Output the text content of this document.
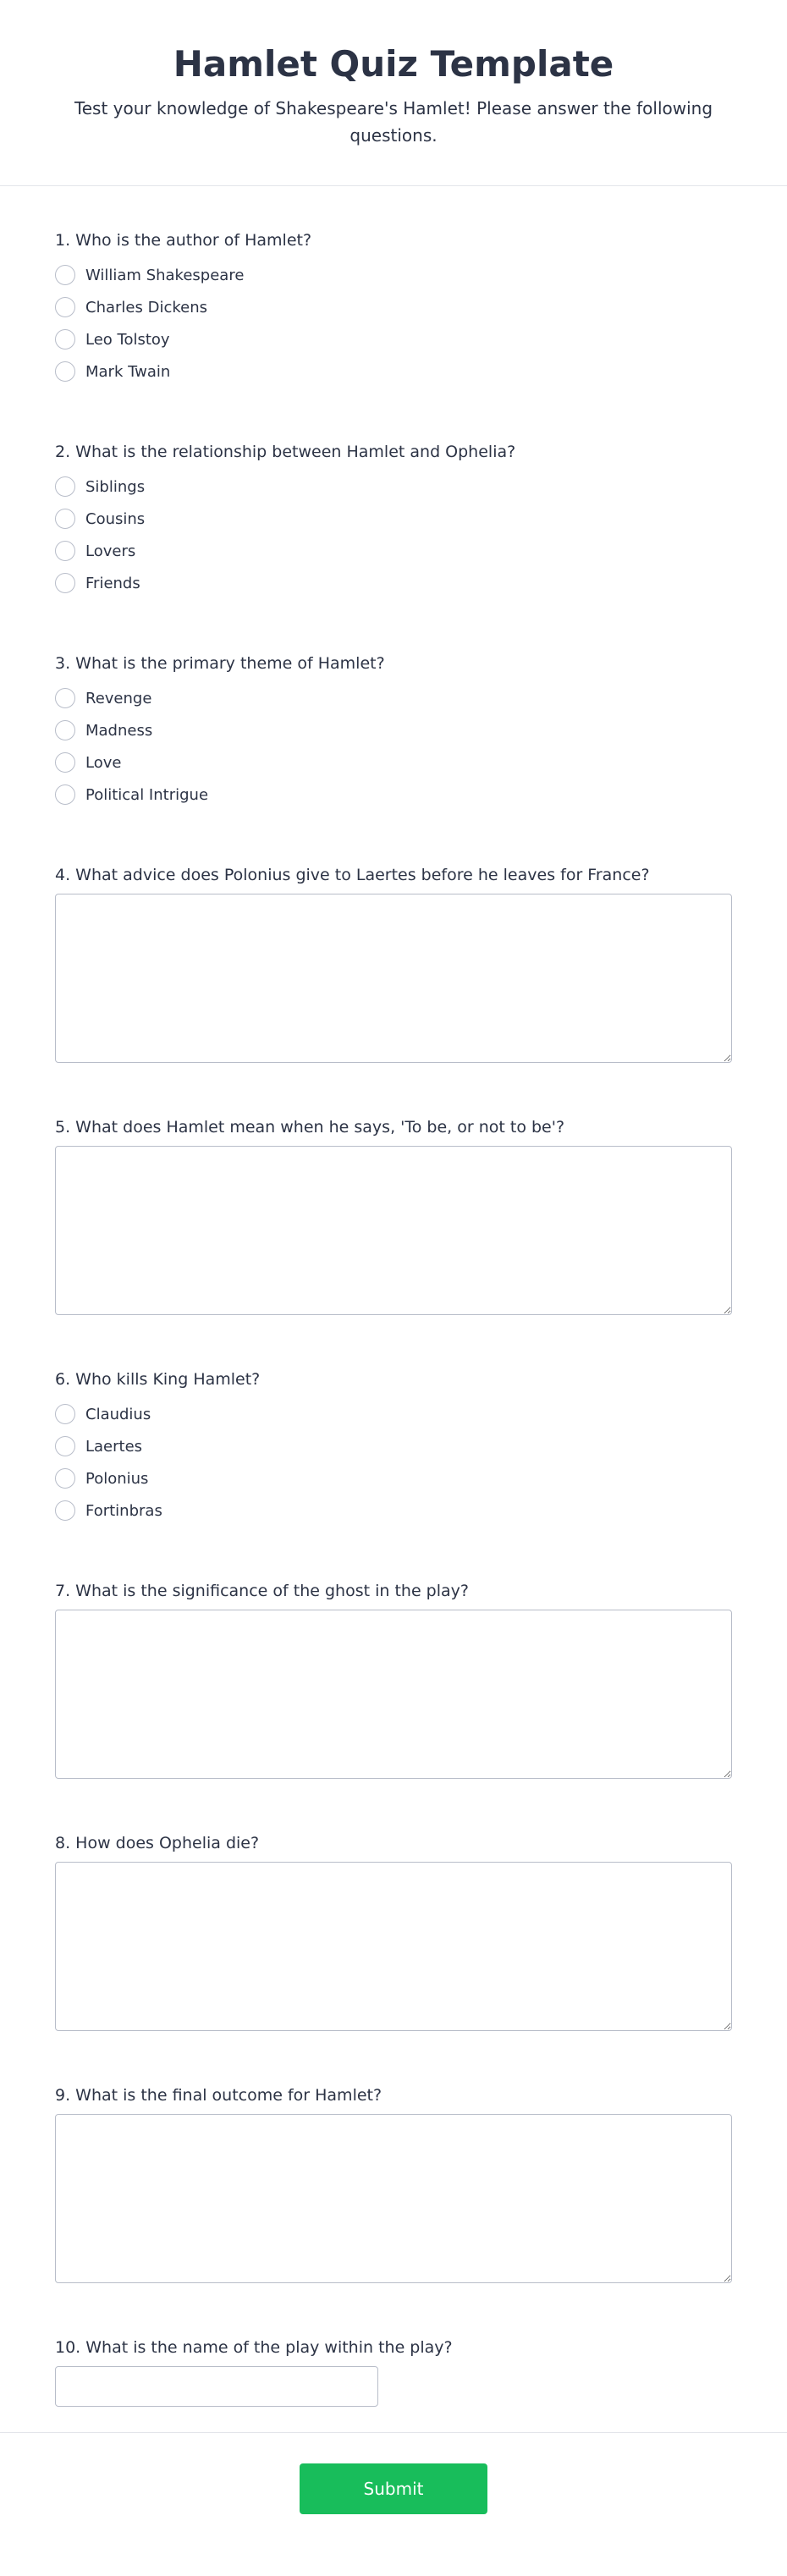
Hamlet Quiz Template

Test your knowledge of Shakespeare's Hamlet! Please answer the following questions.

1. Who is the author of Hamlet?
William Shakespeare
Charles Dickens
Leo Tolstoy
Mark Twain
2. What is the relationship between Hamlet and Ophelia?
Siblings
Cousins
Lovers
Friends
3. What is the primary theme of Hamlet?
Revenge
Madness
Love
Political Intrigue
4. What advice does Polonius give to Laertes before he leaves for France?
5. What does Hamlet mean when he says, 'To be, or not to be'?
6. Who kills King Hamlet?
Claudius
Laertes
Polonius
Fortinbras
7. What is the significance of the ghost in the play?
8. How does Ophelia die?
9. What is the final outcome for Hamlet?
10. What is the name of the play within the play?
Submit
